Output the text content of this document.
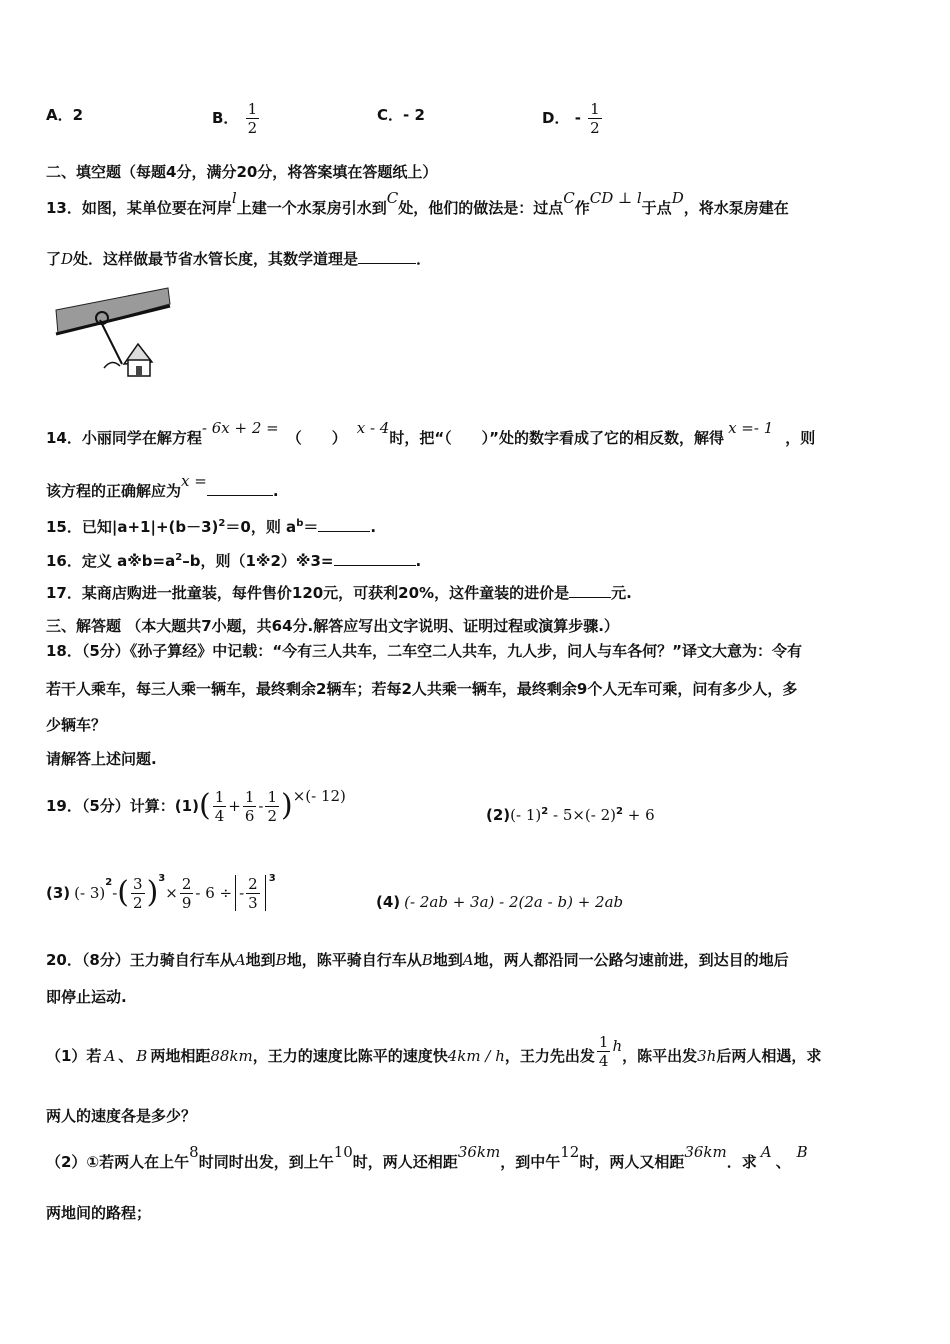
A．2	B． $\frac{1}{2}$	C．- 2	D． - $\frac{1}{2}$
二、填空题（每题4分，满分20分，将答案填在答题纸上）
13．如图，某单位要在河岸l上建一个水泵房引水到C处，他们的做法是：过点C作CD ⊥ l于点D，将水泵房建在
了D处．这样做最节省水管长度，其数学道理是	．
14．小丽同学在解方程- 6x + 2 =（　　）x - 4时，把“（　　）”处的数字看成了它的相反数，解得x =- 1，则
该方程的正确解应为x =.
15．已知$|a+1|+(b-3)^2=0$，则 $a^b=$	.
16．定义 $a※b=a^2-b$，则（1※2）※3=	.
17．某商店购进一批童装，每件售价120元，可获利20%，这件童装的进价是	元.
三、解答题 （本大题共7小题，共64分.解答应写出文字说明、证明过程或演算步骤.）
18．（5分）《孙子算经》中记载：“今有三人共车，二车空二人共车，九人步，问人与车各何？”译文大意为：令有
若干人乘车，每三人乘一辆车，最终剩余2辆车；若每2人共乘一辆车，最终剩余9个人无车可乘，问有多少人，多
少辆车？
请解答上述问题.
19．（5分）计算：(1) ( $\frac{1}{4} + \frac{1}{6} - \frac{1}{2}$ ) ×(- 12)
(2)(- 1)$^2$ - 5×(- 2)$^2$ + 6
(3) (- 3)
$^2$
- ( $\frac{3}{2} )^3$
× $\frac{2}{9} - 6$ ÷ - $\frac{2}{3} ^3$
(4) (- 2ab + 3a) - 2(2a - b) + 2ab
20．（8分）王力骑自行车从A地到B地，陈平骑自行车从B地到A地，两人都沿同一公路匀速前进，到达目的地后
即停止运动.
（1）若 A 、 B 两地相距 88km ，王力的速度比陈平的速度快 4km / h ，王力先出发 $\frac{1}{4}$ h
，陈平出发 3h 后两人相遇，求
两人的速度各是多少？
（2）①若两人在上午8时同时出发，到上午10时，两人还相距36km，到中午12时，两人又相距36km．求A、B
两地间的路程；
